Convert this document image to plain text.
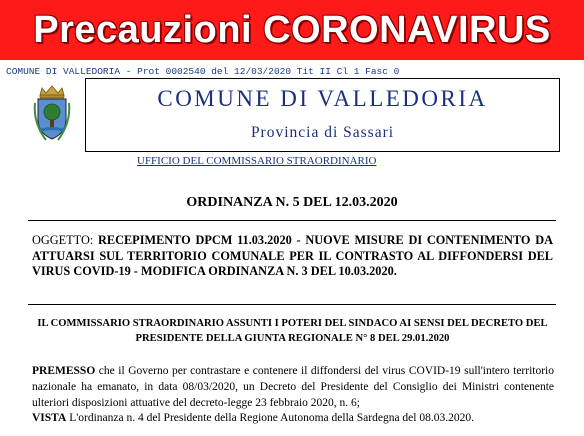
Precauzioni CORONAVIRUS
COMUNE DI VALLEDORIA - Prot 0002540 del 12/03/2020 Tit II Cl 1 Fasc 0
COMUNE DI VALLEDORIA
Provincia di Sassari
UFFICIO DEL COMMISSARIO STRAORDINARIO
ORDINANZA N. 5 DEL 12.03.2020
OGGETTO: RECEPIMENTO DPCM 11.03.2020 - NUOVE MISURE DI CONTENIMENTO DA ATTUARSI SUL TERRITORIO COMUNALE PER IL CONTRASTO AL DIFFONDERSI DEL VIRUS COVID-19 - MODIFICA ORDINANZA N. 3 DEL 10.03.2020.
IL COMMISSARIO STRAORDINARIO ASSUNTI I POTERI DEL SINDACO AI SENSI DEL DECRETO DEL PRESIDENTE DELLA GIUNTA REGIONALE N° 8 DEL 29.01.2020

PREMESSO che il Governo per contrastare e contenere il diffondersi del virus COVID-19 sull'intero territorio nazionale ha emanato, in data 08/03/2020, un Decreto del Presidente del Consiglio dei Ministri contenente ulteriori disposizioni attuative del decreto-legge 23 febbraio 2020, n. 6;

VISTA L'ordinanza n. 4 del Presidente della Regione Autonoma della Sardegna del 08.03.2020.
